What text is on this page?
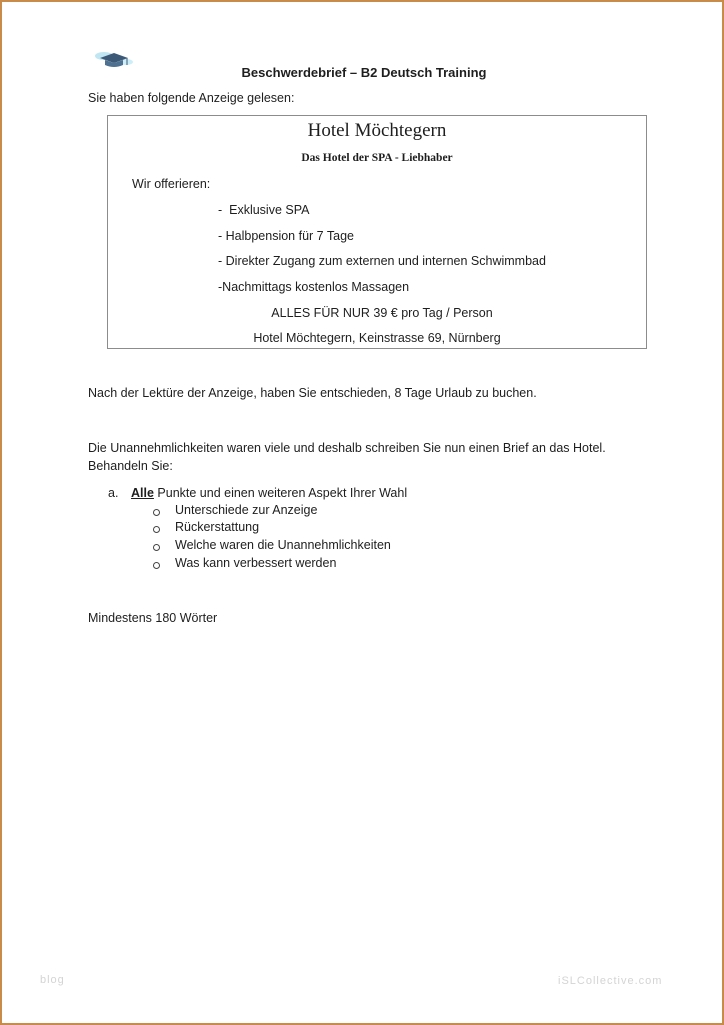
Beschwerdebrief – B2 Deutsch Training
Sie haben folgende Anzeige gelesen:
Hotel Möchtegern
Das Hotel der SPA - Liebhaber
Wir offerieren:
-  Exklusive SPA
- Halbpension für 7 Tage
- Direkter Zugang zum externen und internen Schwimmbad
-Nachmittags kostenlos Massagen
ALLES FÜR NUR 39 € pro Tag / Person
Hotel Möchtegern, Keinstrasse 69, Nürnberg
Nach der Lektüre der Anzeige, haben Sie entschieden, 8 Tage Urlaub zu buchen.
Die Unannehmlichkeiten waren viele und deshalb schreiben Sie nun einen Brief an das Hotel.
Behandeln Sie:
a. Alle Punkte und einen weiteren Aspekt Ihrer Wahl
Unterschiede zur Anzeige
Rückerstattung
Welche waren die Unannehmlichkeiten
Was kann verbessert werden
Mindestens 180 Wörter
blog	iSLCollective.com
